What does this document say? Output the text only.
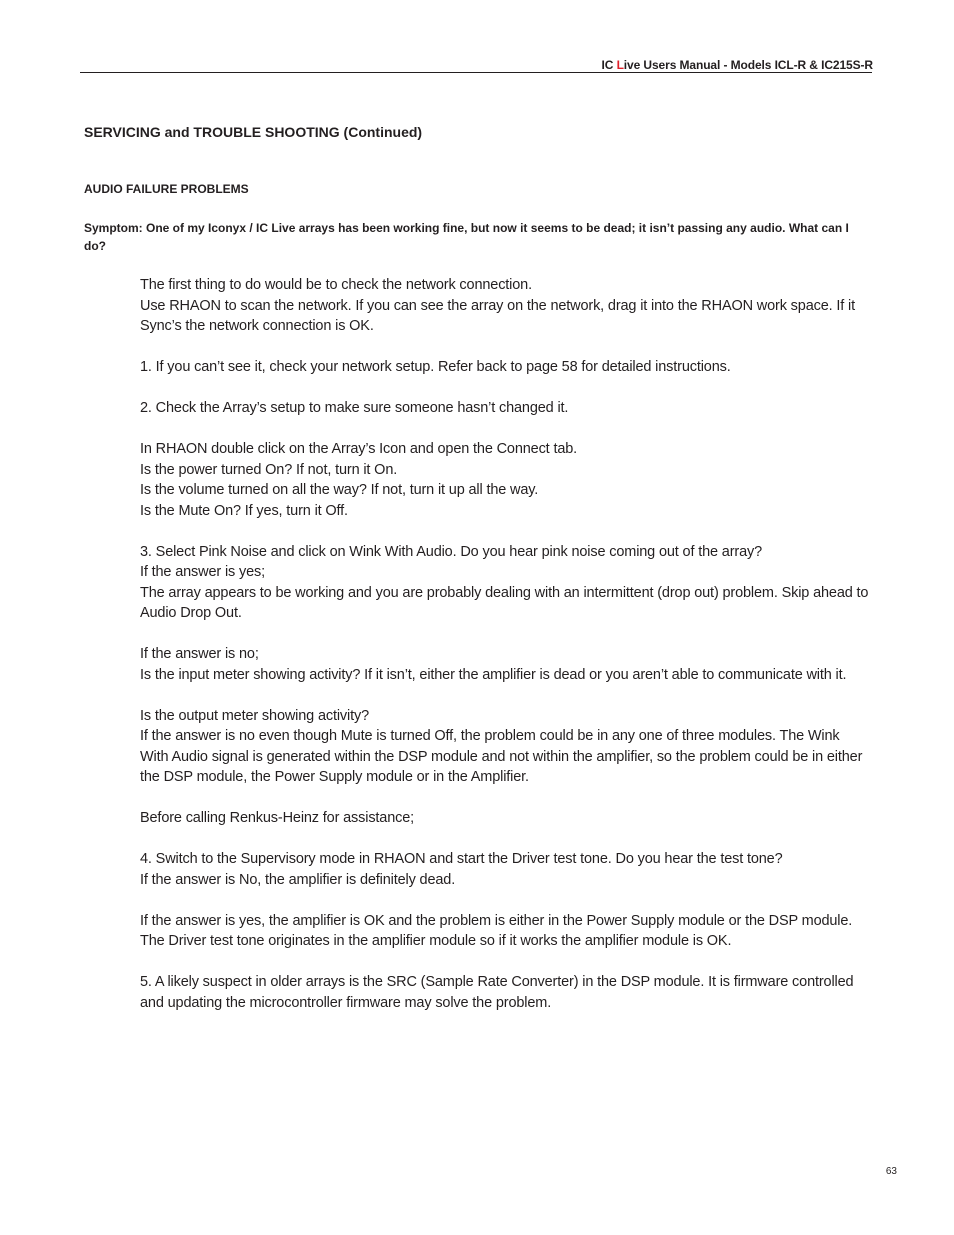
IC Live Users Manual - Models ICL-R & IC215S-R
SERVICING and TROUBLE SHOOTING (Continued)
AUDIO FAILURE PROBLEMS
Symptom: One of my Iconyx / IC Live arrays has been working fine, but now it seems to be dead; it isn’t passing any audio. What can I do?

The first thing to do would be to check the network connection.
Use RHAON to scan the network. If you can see the array on the network, drag it into the RHAON work space. If it Sync’s the network connection is OK.

1. If you can’t see it, check your network setup. Refer back to page 58 for detailed instructions.

2. Check the Array’s setup to make sure someone hasn’t changed it.

In RHAON double click on the Array’s Icon and open the Connect tab.
Is the power turned On? If not, turn it On.
Is the volume turned on all the way? If not, turn it up all the way.
Is the Mute On? If yes, turn it Off.

3. Select Pink Noise and click on Wink With Audio. Do you hear pink noise coming out of the array?
If the answer is yes;
The array appears to be working and you are probably dealing with an intermittent (drop out) problem. Skip ahead to Audio Drop Out.

If the answer is no;
Is the input meter showing activity? If it isn’t, either the amplifier is dead or you aren’t able to communicate with it.

Is the output meter showing activity?
If the answer is no even though Mute is turned Off, the problem could be in any one of three modules. The Wink With Audio signal is generated within the DSP module and not within the amplifier, so the problem could be in either the DSP module, the Power Supply module or in the Amplifier.

Before calling Renkus-Heinz for assistance;

4. Switch to the Supervisory mode in RHAON and start the Driver test tone. Do you hear the test tone?
If the answer is No, the amplifier is definitely dead.

If the answer is yes, the amplifier is OK and the problem is either in the Power Supply module or the DSP module.
The Driver test tone originates in the amplifier module so if it works the amplifier module is OK.

5. A likely suspect in older arrays is the SRC (Sample Rate Converter) in the DSP module. It is firmware controlled and updating the microcontroller firmware may solve the problem.

63
